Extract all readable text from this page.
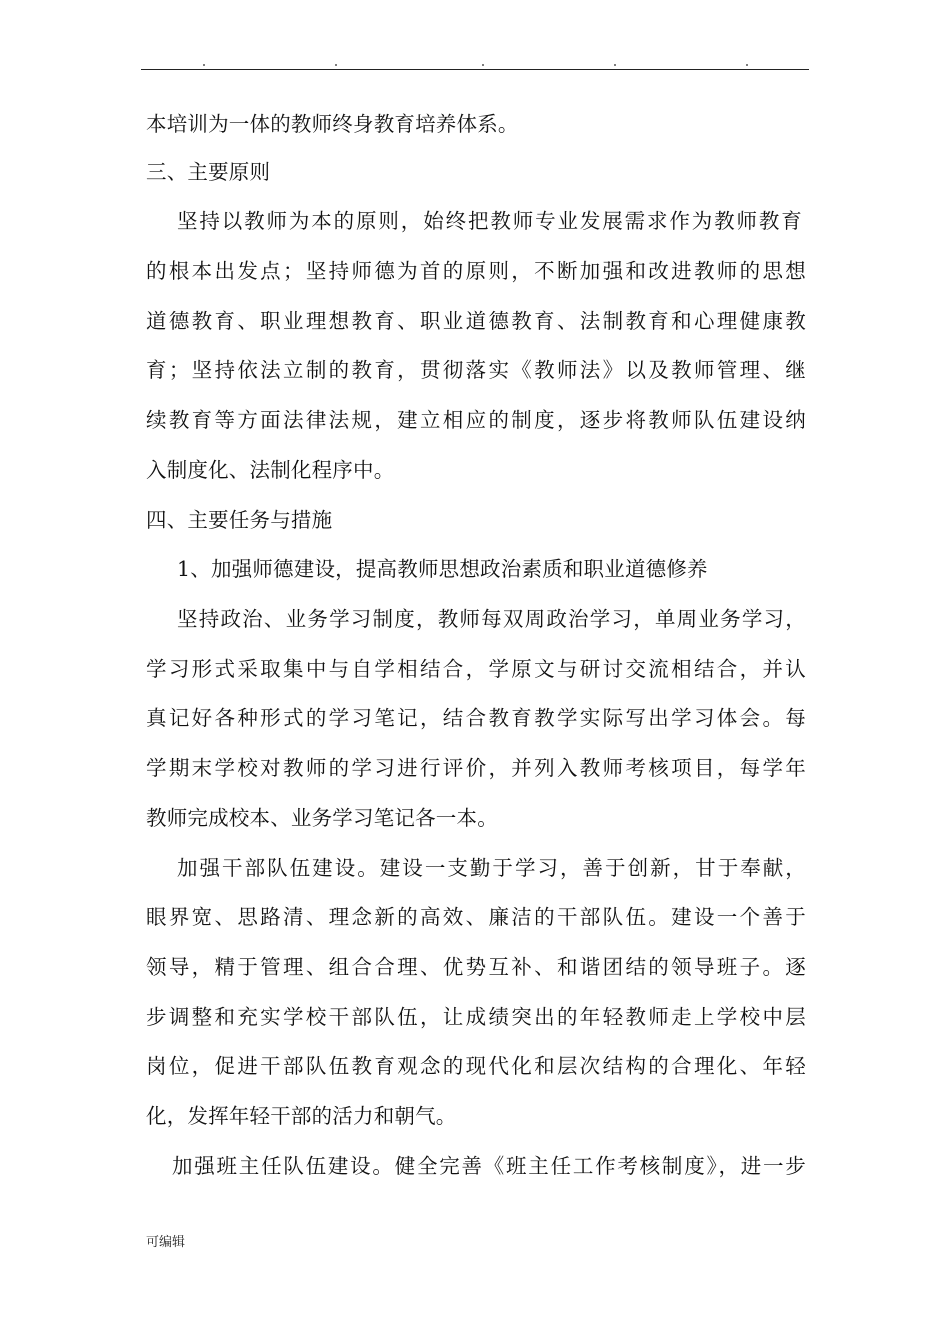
本培训为一体的教师终身教育培养体系。
三、主要原则
坚持以教师为本的原则，始终把教师专业发展需求作为教师教育
的根本出发点；坚持师德为首的原则，不断加强和改进教师的思想
道德教育、职业理想教育、职业道德教育、法制教育和心理健康教
育；坚持依法立制的教育，贯彻落实《教师法》以及教师管理、继
续教育等方面法律法规，建立相应的制度，逐步将教师队伍建设纳
入制度化、法制化程序中。
四、主要任务与措施
1、加强师德建设，提高教师思想政治素质和职业道德修养
坚持政治、业务学习制度，教师每双周政治学习，单周业务学习，
学习形式采取集中与自学相结合，学原文与研讨交流相结合，并认
真记好各种形式的学习笔记，结合教育教学实际写出学习体会。每
学期末学校对教师的学习进行评价，并列入教师考核项目，每学年
教师完成校本、业务学习笔记各一本。
加强干部队伍建设。建设一支勤于学习，善于创新，甘于奉献，
眼界宽、思路清、理念新的高效、廉洁的干部队伍。建设一个善于
领导，精于管理、组合合理、优势互补、和谐团结的领导班子。逐
步调整和充实学校干部队伍，让成绩突出的年轻教师走上学校中层
岗位，促进干部队伍教育观念的现代化和层次结构的合理化、年轻
化，发挥年轻干部的活力和朝气。
加强班主任队伍建设。健全完善《班主任工作考核制度》，进一步
可编辑
